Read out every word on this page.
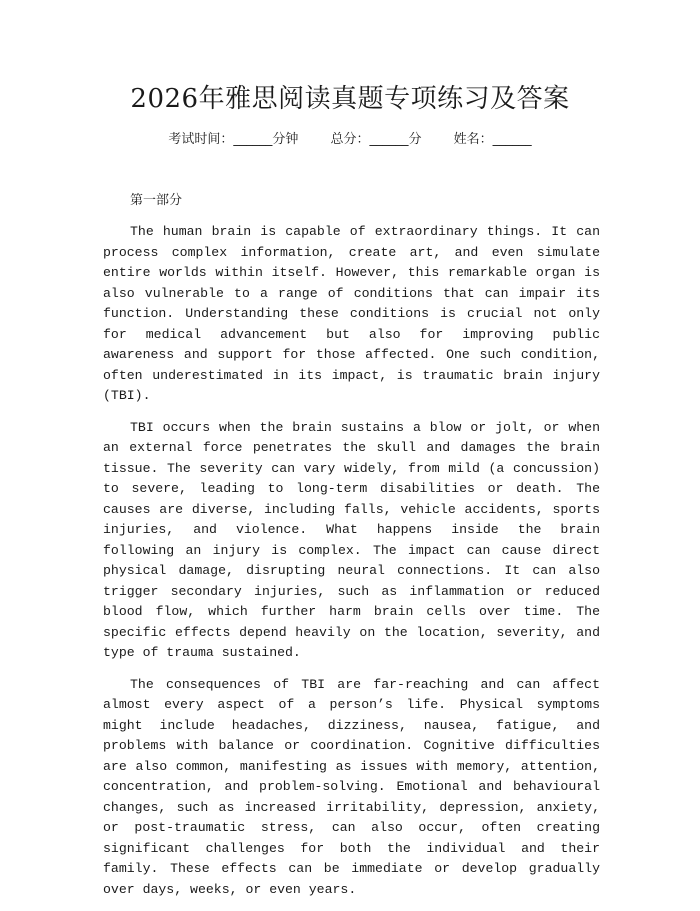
2026年雅思阅读真题专项练习及答案
考试时间：______分钟 总分：______分 姓名：______
第一部分

The human brain is capable of extraordinary things. It can process complex information, create art, and even simulate entire worlds within itself. However, this remarkable organ is also vulnerable to a range of conditions that can impair its function. Understanding these conditions is crucial not only for medical advancement but also for improving public awareness and support for those affected. One such condition, often underestimated in its impact, is traumatic brain injury (TBI).

TBI occurs when the brain sustains a blow or jolt, or when an external force penetrates the skull and damages the brain tissue. The severity can vary widely, from mild (a concussion) to severe, leading to long-term disabilities or death. The causes are diverse, including falls, vehicle accidents, sports injuries, and violence. What happens inside the brain following an injury is complex. The impact can cause direct physical damage, disrupting neural connections. It can also trigger secondary injuries, such as inflammation or reduced blood flow, which further harm brain cells over time. The specific effects depend heavily on the location, severity, and type of trauma sustained.

The consequences of TBI are far-reaching and can affect almost every aspect of a person’s life. Physical symptoms might include headaches, dizziness, nausea, fatigue, and problems with balance or coordination. Cognitive difficulties are also common, manifesting as issues with memory, attention, concentration, and problem-solving. Emotional and behavioural changes, such as increased irritability, depression, anxiety, or post-traumatic stress, can also occur, often creating significant challenges for both the individual and their family. These effects can be immediate or develop gradually over days, weeks, or even years.
